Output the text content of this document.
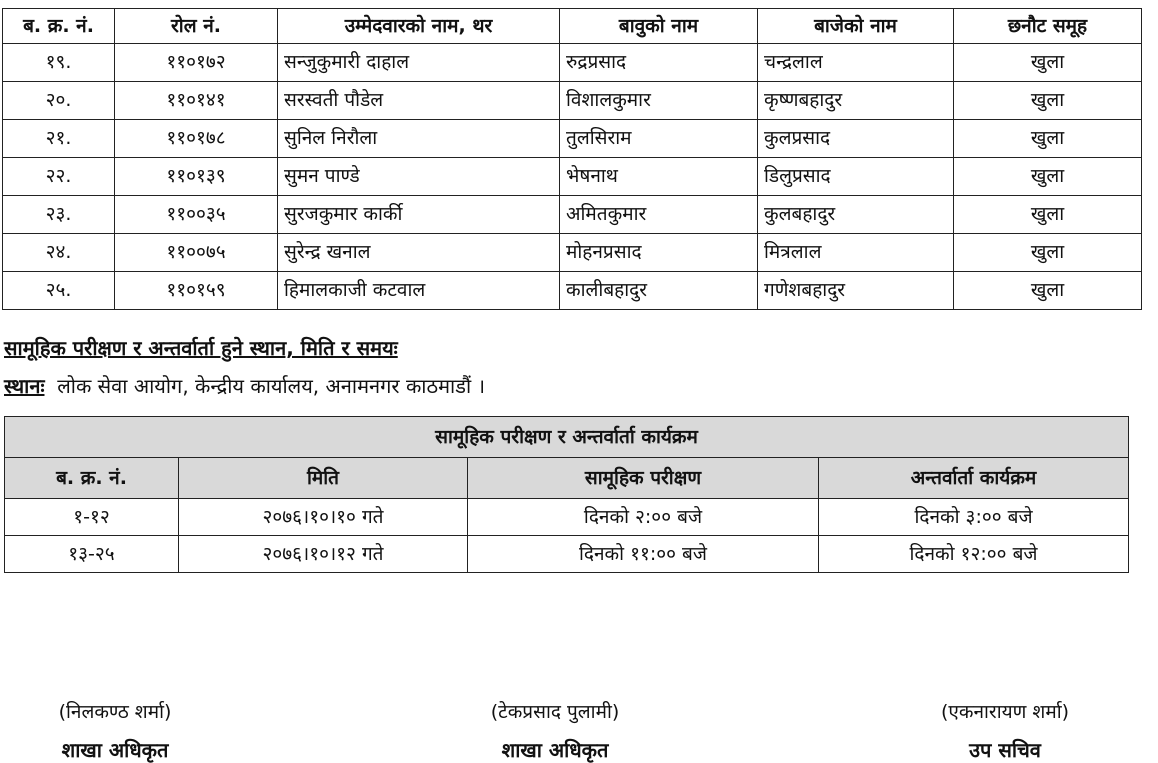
ब. क्र. नं.	रोल नं.	उम्मेदवारको नाम, थर	बावुको नाम	बाजेको नाम	छनौट समूह
१९.	११०१७२	सन्जुकुमारी दाहाल	रुद्रप्रसाद	चन्द्रलाल	खुला
२०.	११०१४१	सरस्वती पौडेल	विशालकुमार	कृष्णबहादुर	खुला
२१.	११०१७८	सुनिल निरौला	तुलसिराम	कुलप्रसाद	खुला
२२.	११०१३९	सुमन पाण्डे	भेषनाथ	डिलुप्रसाद	खुला
२३.	११००३५	सुरजकुमार कार्की	अमितकुमार	कुलबहादुर	खुला
२४.	११००७५	सुरेन्द्र खनाल	मोहनप्रसाद	मित्रलाल	खुला
२५.	११०१५९	हिमालकाजी कटवाल	कालीबहादुर	गणेशबहादुर	खुला
सामूहिक परीक्षण र अन्तर्वार्ता हुने स्थान, मिति र समयः
स्थानः लोक सेवा आयोग, केन्द्रीय कार्यालय, अनामनगर काठमाडौं ।
सामूहिक परीक्षण र अन्तर्वार्ता कार्यक्रम			
ब. क्र. नं.	मिति	सामूहिक परीक्षण	अन्तर्वार्ता कार्यक्रम
१-१२	२०७६।१०।१० गते	दिनको २:०० बजे	दिनको ३:०० बजे
१३-२५	२०७६।१०।१२ गते	दिनको ११:०० बजे	दिनको १२:०० बजे
(निलकण्ठ शर्मा)
शाखा अधिकृत
(टेकप्रसाद पुलामी)
शाखा अधिकृत
(एकनारायण शर्मा)
उप सचिव
